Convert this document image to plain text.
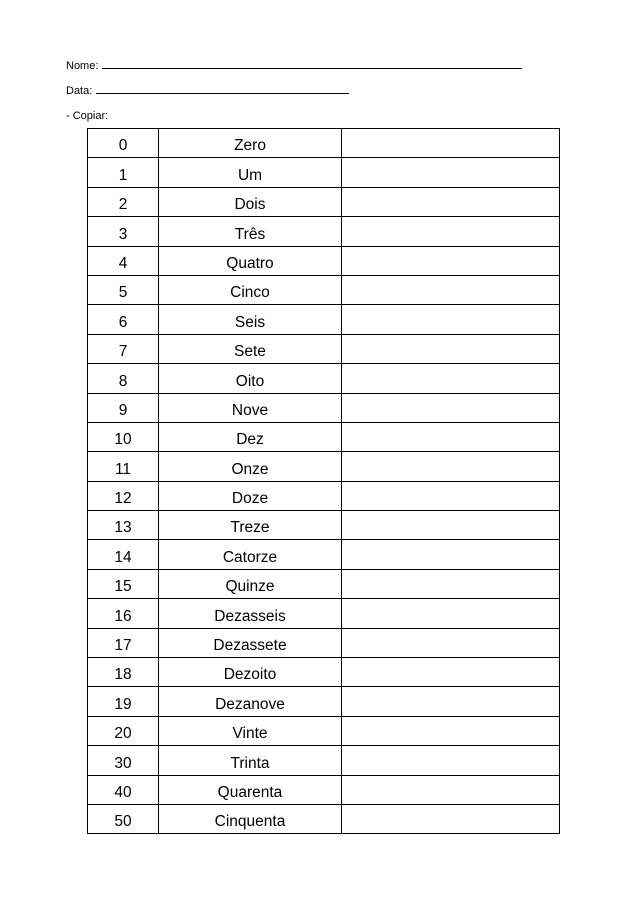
Nome:
Data:
- Copiar:
0	Zero	
1	Um	
2	Dois	
3	Três	
4	Quatro	
5	Cinco	
6	Seis	
7	Sete	
8	Oito	
9	Nove	
10	Dez	
11	Onze	
12	Doze	
13	Treze	
14	Catorze	
15	Quinze	
16	Dezasseis	
17	Dezassete	
18	Dezoito	
19	Dezanove	
20	Vinte	
30	Trinta	
40	Quarenta	
50	Cinquenta	
